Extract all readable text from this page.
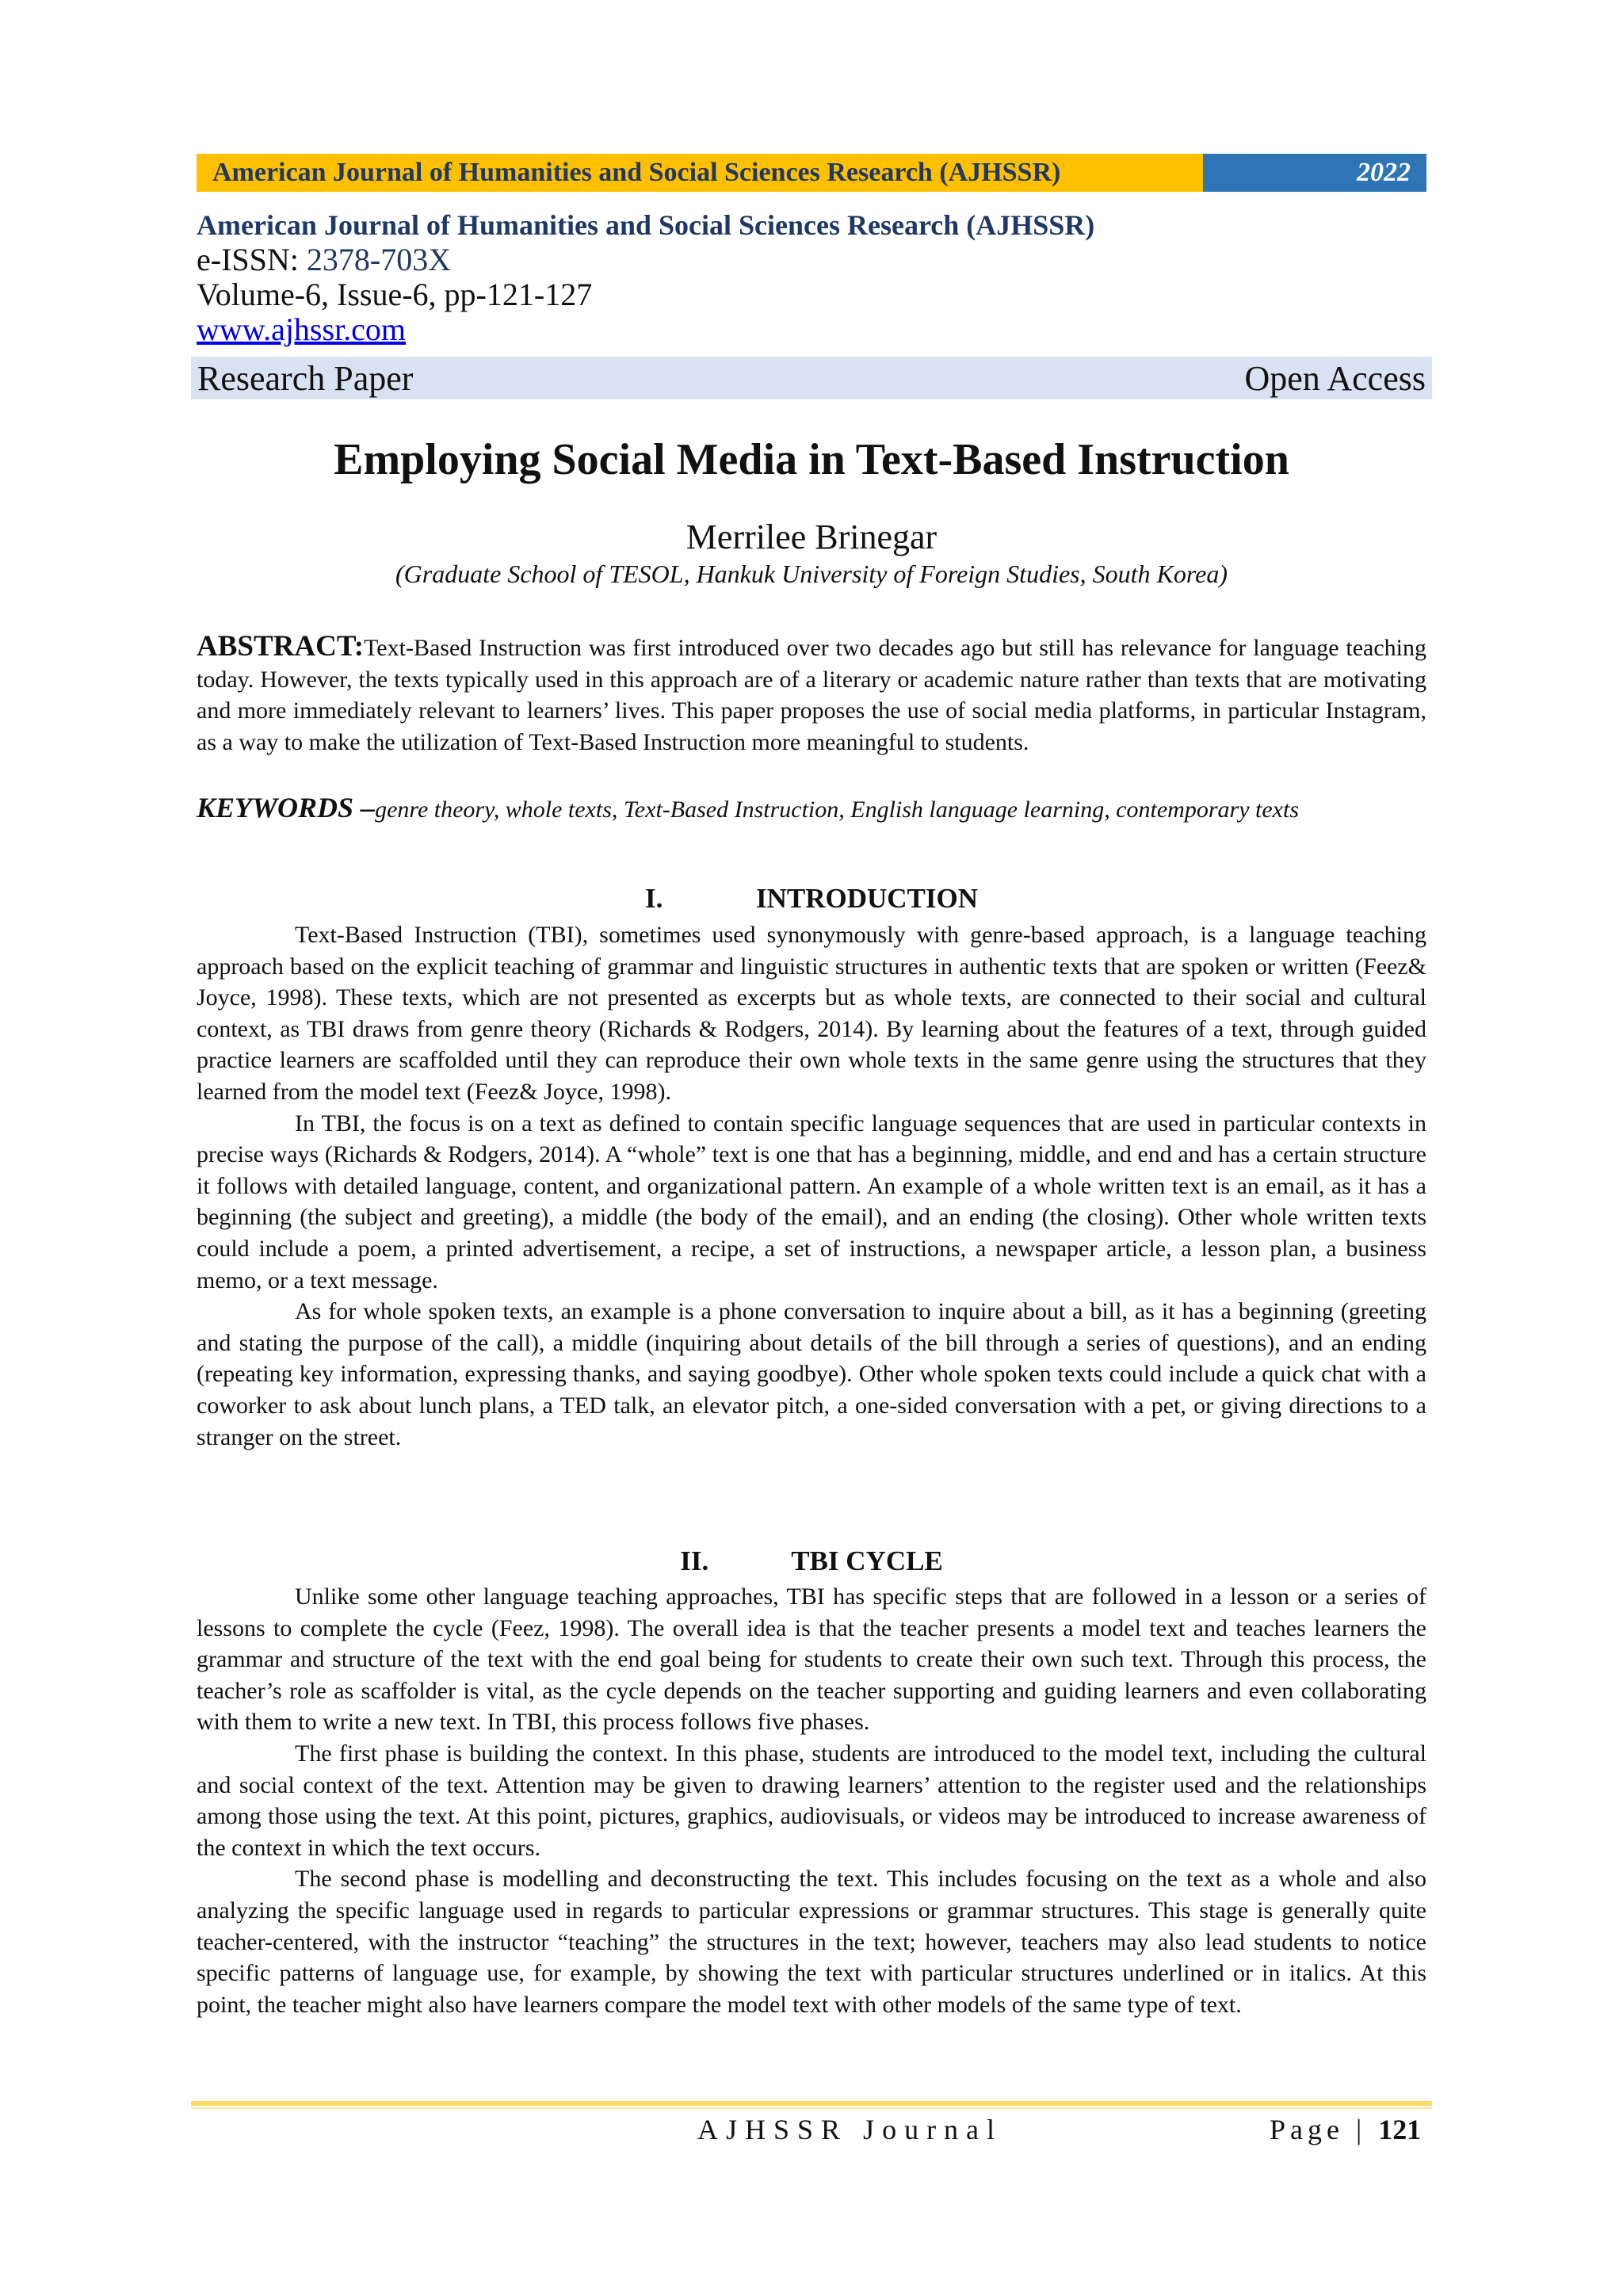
American Journal of Humanities and Social Sciences Research (AJHSSR)	2022
American Journal of Humanities and Social Sciences Research (AJHSSR)
e-ISSN: 2378-703X
Volume-6, Issue-6, pp-121-127
www.ajhssr.com
Research Paper	Open Access
Employing Social Media in Text-Based Instruction
Merrilee Brinegar
(Graduate School of TESOL, Hankuk University of Foreign Studies, South Korea)
ABSTRACT:Text-Based Instruction was first introduced over two decades ago but still has relevance for language teaching today. However, the texts typically used in this approach are of a literary or academic nature rather than texts that are motivating and more immediately relevant to learners’ lives. This paper proposes the use of social media platforms, in particular Instagram, as a way to make the utilization of Text-Based Instruction more meaningful to students.
KEYWORDS –genre theory, whole texts, Text-Based Instruction, English language learning, contemporary texts
I.	INTRODUCTION

Text-Based Instruction (TBI), sometimes used synonymously with genre-based approach, is a language teaching approach based on the explicit teaching of grammar and linguistic structures in authentic texts that are spoken or written (Feez& Joyce, 1998). These texts, which are not presented as excerpts but as whole texts, are connected to their social and cultural context, as TBI draws from genre theory (Richards & Rodgers, 2014). By learning about the features of a text, through guided practice learners are scaffolded until they can reproduce their own whole texts in the same genre using the structures that they learned from the model text (Feez& Joyce, 1998).

In TBI, the focus is on a text as defined to contain specific language sequences that are used in particular contexts in precise ways (Richards & Rodgers, 2014). A “whole” text is one that has a beginning, middle, and end and has a certain structure it follows with detailed language, content, and organizational pattern. An example of a whole written text is an email, as it has a beginning (the subject and greeting), a middle (the body of the email), and an ending (the closing). Other whole written texts could include a poem, a printed advertisement, a recipe, a set of instructions, a newspaper article, a lesson plan, a business memo, or a text message.

As for whole spoken texts, an example is a phone conversation to inquire about a bill, as it has a beginning (greeting and stating the purpose of the call), a middle (inquiring about details of the bill through a series of questions), and an ending (repeating key information, expressing thanks, and saying goodbye). Other whole spoken texts could include a quick chat with a coworker to ask about lunch plans, a TED talk, an elevator pitch, a one-sided conversation with a pet, or giving directions to a stranger on the street.

II.	TBI CYCLE

Unlike some other language teaching approaches, TBI has specific steps that are followed in a lesson or a series of lessons to complete the cycle (Feez, 1998). The overall idea is that the teacher presents a model text and teaches learners the grammar and structure of the text with the end goal being for students to create their own such text. Through this process, the teacher’s role as scaffolder is vital, as the cycle depends on the teacher supporting and guiding learners and even collaborating with them to write a new text. In TBI, this process follows five phases.

The first phase is building the context. In this phase, students are introduced to the model text, including the cultural and social context of the text. Attention may be given to drawing learners’ attention to the register used and the relationships among those using the text. At this point, pictures, graphics, audiovisuals, or videos may be introduced to increase awareness of the context in which the text occurs.

The second phase is modelling and deconstructing the text. This includes focusing on the text as a whole and also analyzing the specific language used in regards to particular expressions or grammar structures. This stage is generally quite teacher-centered, with the instructor “teaching” the structures in the text; however, teachers may also lead students to notice specific patterns of language use, for example, by showing the text with particular structures underlined or in italics. At this point, the teacher might also have learners compare the model text with other models of the same type of text.

AJHSSR Journal	Page | 121
